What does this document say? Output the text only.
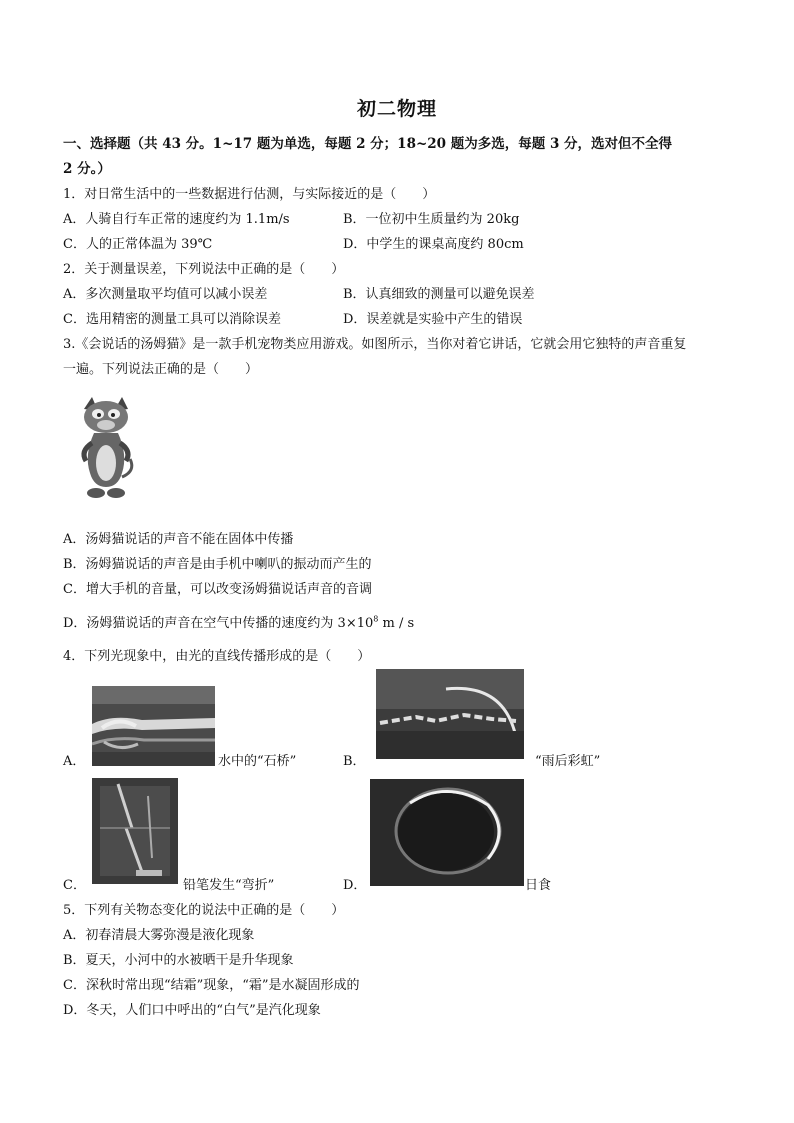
初二物理
一、选择题（共 43 分。1~17 题为单选，每题 2 分；18~20 题为多选，每题 3 分，选对但不全得
2 分。）
1．对日常生活中的一些数据进行估测，与实际接近的是（　　）
A．人骑自行车正常的速度约为 1.1m/s	B．一位初中生质量约为 20kg
C．人的正常体温为 39℃	D．中学生的课桌高度约 80cm
2．关于测量误差，下列说法中正确的是（　　）
A．多次测量取平均值可以减小误差	B．认真细致的测量可以避免误差
C．选用精密的测量工具可以消除误差	D．误差就是实验中产生的错误
3.《会说话的汤姆猫》是一款手机宠物类应用游戏。如图所示，当你对着它讲话，它就会用它独特的声音重复
一遍。下列说法正确的是（　　）
A．汤姆猫说话的声音不能在固体中传播
B．汤姆猫说话的声音是由手机中喇叭的振动而产生的
C．增大手机的音量，可以改变汤姆猫说话声音的音调
D．汤姆猫说话的声音在空气中传播的速度约为 $3\times 10^8$ m / s
4．下列光现象中，由光的直线传播形成的是（　　）
A．	水中的“石桥”	B．	“雨后彩虹”
C．	铅笔发生“弯折”	D．	日食
5．下列有关物态变化的说法中正确的是（　　）
A．初春清晨大雾弥漫是液化现象
B．夏天，小河中的水被晒干是升华现象
C．深秋时常出现“结霜”现象，“霜”是水凝固形成的
D．冬天，人们口中呼出的“白气”是汽化现象
